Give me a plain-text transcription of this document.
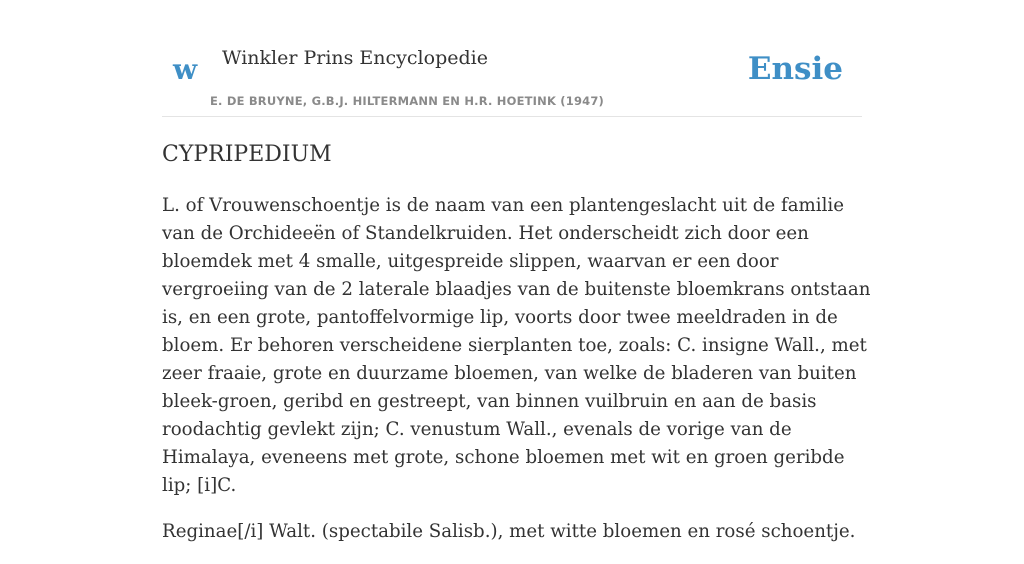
w Winkler Prins Encyclopedie
E. DE BRUYNE, G.B.J. HILTERMANN EN H.R. HOETINK (1947)
Ensie
CYPRIPEDIUM

L. of Vrouwenschoentje is de naam van een plantengeslacht uit de familie van de Orchideeën of Standelkruiden. Het onderscheidt zich door een bloemdek met 4 smalle, uitgespreide slippen, waarvan er een door vergroeiing van de 2 laterale blaadjes van de buitenste bloemkrans ontstaan is, en een grote, pantoffelvormige lip, voorts door twee meeldraden in de bloem. Er behoren verscheidene sierplanten toe, zoals: C. insigne Wall., met zeer fraaie, grote en duurzame bloemen, van welke de bladeren van buiten bleek-groen, geribd en gestreept, van binnen vuilbruin en aan de basis roodachtig gevlekt zijn; C. venustum Wall., evenals de vorige van de Himalaya, eveneens met grote, schone bloemen met wit en groen geribde lip; [i]C.

Reginae[/i] Walt. (spectabile Salisb.), met witte bloemen en rosé schoentje.
